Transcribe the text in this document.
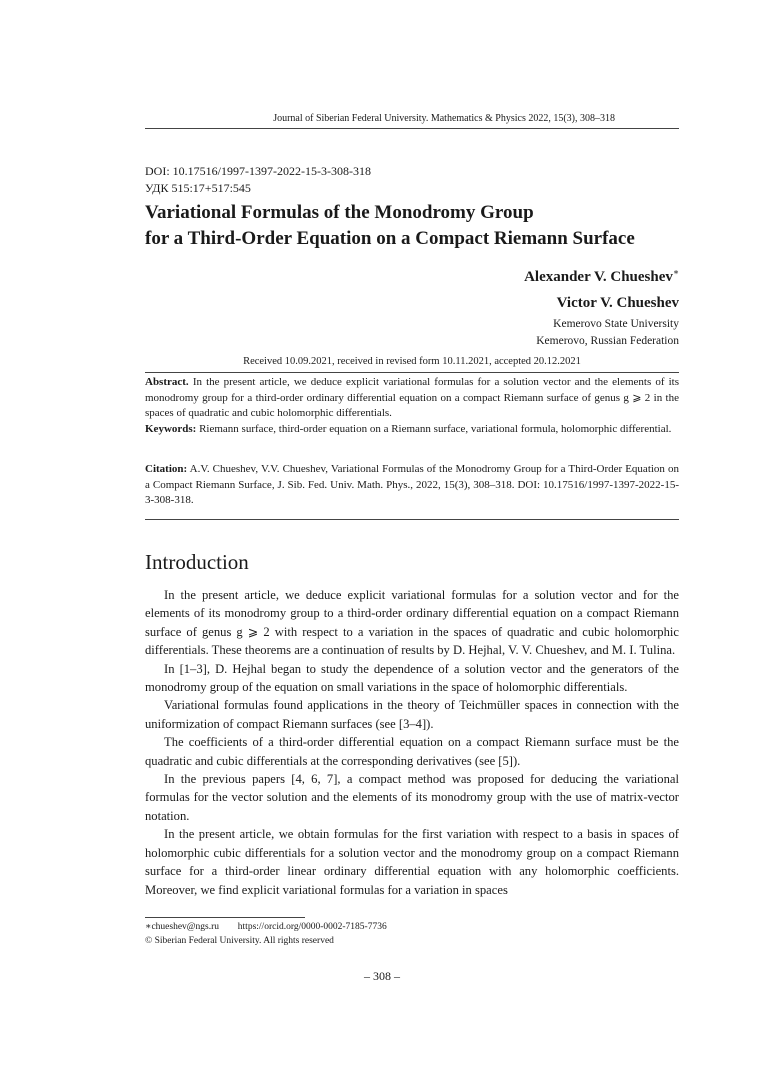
Journal of Siberian Federal University. Mathematics & Physics 2022, 15(3), 308–318
DOI: 10.17516/1997-1397-2022-15-3-308-318
УДК 515:17+517:545
Variational Formulas of the Monodromy Group
for a Third-Order Equation on a Compact Riemann Surface
Alexander V. Chueshev∗
Victor V. Chueshev
Kemerovo State University
Kemerovo, Russian Federation
Received 10.09.2021, received in revised form 10.11.2021, accepted 20.12.2021
Abstract. In the present article, we deduce explicit variational formulas for a solution vector and the elements of its monodromy group for a third-order ordinary differential equation on a compact Riemann surface of genus g ⩾ 2 in the spaces of quadratic and cubic holomorphic differentials.
Keywords: Riemann surface, third-order equation on a Riemann surface, variational formula, holomorphic differential.
Citation: A.V. Chueshev, V.V. Chueshev, Variational Formulas of the Monodromy Group for a Third-Order Equation on a Compact Riemann Surface, J. Sib. Fed. Univ. Math. Phys., 2022, 15(3), 308–318. DOI: 10.17516/1997-1397-2022-15-3-308-318.
Introduction

In the present article, we deduce explicit variational formulas for a solution vector and for the elements of its monodromy group to a third-order ordinary differential equation on a compact Riemann surface of genus g ⩾ 2 with respect to a variation in the spaces of quadratic and cubic holomorphic differentials. These theorems are a continuation of results by D. Hejhal, V. V. Chueshev, and M. I. Tulina.

In [1–3], D. Hejhal began to study the dependence of a solution vector and the generators of the monodromy group of the equation on small variations in the space of holomorphic differentials.

Variational formulas found applications in the theory of Teichmüller spaces in connection with the uniformization of compact Riemann surfaces (see [3–4]).

The coefficients of a third-order differential equation on a compact Riemann surface must be the quadratic and cubic differentials at the corresponding derivatives (see [5]).

In the previous papers [4, 6, 7], a compact method was proposed for deducing the variational formulas for the vector solution and the elements of its monodromy group with the use of matrix-vector notation.

In the present article, we obtain formulas for the first variation with respect to a basis in spaces of holomorphic cubic differentials for a solution vector and the monodromy group on a compact Riemann surface for a third-order linear ordinary differential equation with any holomorphic coefficients. Moreover, we find explicit variational formulas for a variation in spaces

∗chueshev@ngs.ru https://orcid.org/0000-0002-7185-7736
© Siberian Federal University. All rights reserved
– 308 –
